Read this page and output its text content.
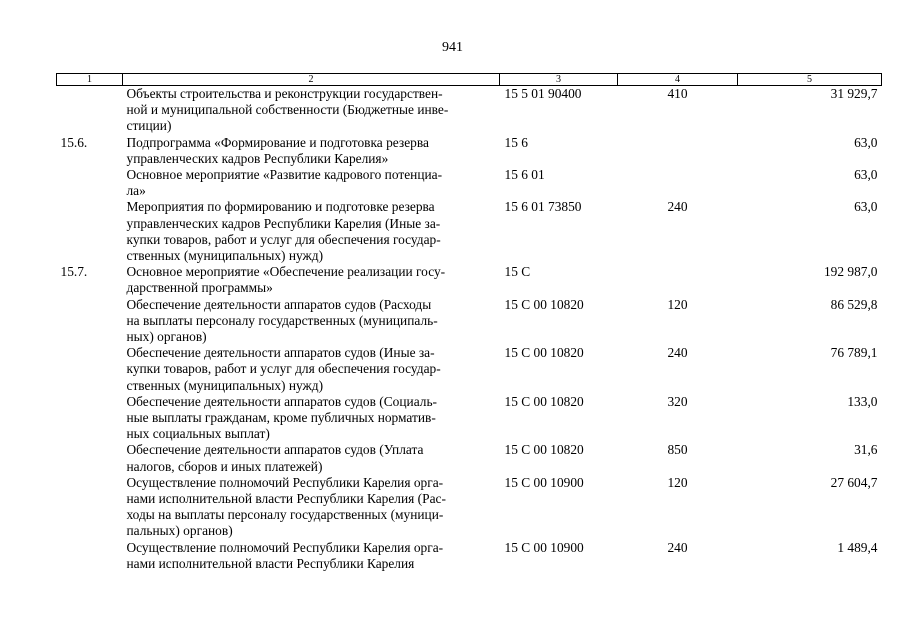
941
1	2	3	4	5

	Объекты строительства и реконструкции государствен-
ной и муниципальной собственности (Бюджетные инве-
стиции)	15 5 01 90400	410	31 929,7
15.6.	Подпрограмма «Формирование и подготовка резерва
управленческих кадров Республики Карелия»	15 6		63,0

	Основное мероприятие «Развитие кадрового потенциа-
ла»	15 6 01		63,0

	Мероприятия по формированию и подготовке резерва
управленческих кадров Республики Карелия (Иные за-
купки товаров, работ и услуг для обеспечения государ-
ственных (муниципальных) нужд)	15 6 01 73850	240	63,0
15.7.	Основное мероприятие «Обеспечение реализации госу-
дарственной программы»	15 С		192 987,0

	Обеспечение деятельности аппаратов судов (Расходы
на выплаты персоналу государственных (муниципаль-
ных) органов)	15 С 00 10820	120	86 529,8

	Обеспечение деятельности аппаратов судов (Иные за-
купки товаров, работ и услуг для обеспечения государ-
ственных (муниципальных) нужд)	15 С 00 10820	240	76 789,1

	Обеспечение деятельности аппаратов судов (Социаль-
ные выплаты гражданам, кроме публичных норматив-
ных социальных выплат)	15 С 00 10820	320	133,0

	Обеспечение деятельности аппаратов судов (Уплата
налогов, сборов и иных платежей)	15 С 00 10820	850	31,6

	Осуществление полномочий Республики Карелия орга-
нами исполнительной власти Республики Карелия (Рас-
ходы на выплаты персоналу государственных (муници-
пальных) органов)	15 С 00 10900	120	27 604,7

	Осуществление полномочий Республики Карелия орга-
нами исполнительной власти Республики Карелия	15 С 00 10900	240	1 489,4
